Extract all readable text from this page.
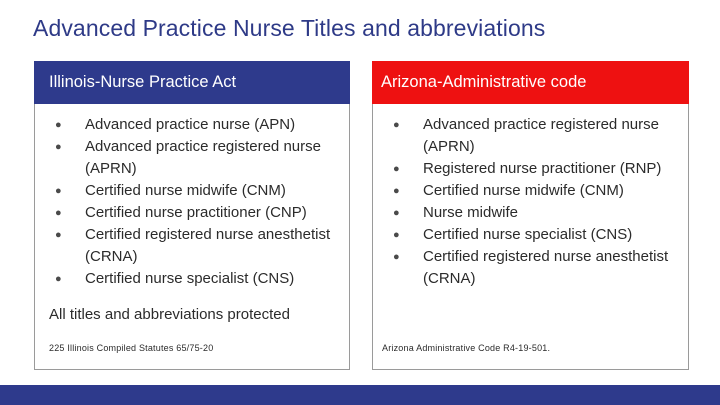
Advanced Practice Nurse Titles and abbreviations
Illinois-Nurse Practice Act
● Advanced practice nurse (APN)
● Advanced practice registered nurse (APRN)
● Certified nurse midwife (CNM)
● Certified nurse practitioner (CNP)
● Certified registered nurse anesthetist (CRNA)
● Certified nurse specialist (CNS)
All titles and abbreviations protected
225 Illinois Compiled Statutes 65/75-20
Arizona-Administrative code
● Advanced practice registered nurse (APRN)
● Registered nurse practitioner (RNP)
● Certified nurse midwife (CNM)
● Nurse midwife
● Certified nurse specialist (CNS)
● Certified registered nurse anesthetist (CRNA)
Arizona Administrative Code R4-19-501.
